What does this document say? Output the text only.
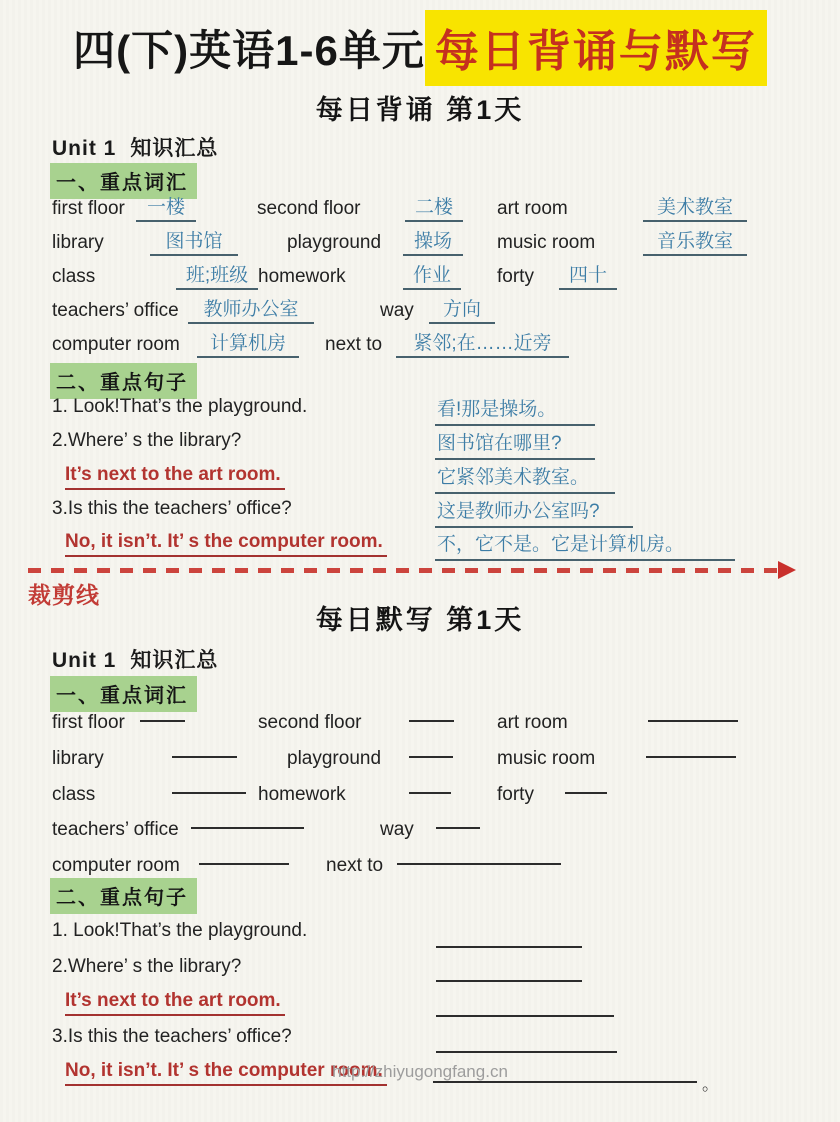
四(下)英语1-6单元 每日背诵与默写
每日背诵 第1天
Unit 1 知识汇总
一、重点词汇
first floor	一楼	second floor	二楼	art room	美术教室
library	图书馆	playground	操场	music room	音乐教室
class	班;班级 homework	作业	forty	四十
teachers’ office	教师办公室	way	方向
computer room	计算机房	next to	紧邻;在……近旁
二、重点句子
1. Look!That’s the playground.	看!那是操场。
2.Where’ s the library?	图书馆在哪里?
It’s next to the art room.	它紧邻美术教室。
3.Is this the teachers’ office?	这是教师办公室吗?
No, it isn’t. It’ s the computer room.	不，它不是。它是计算机房。
裁剪线
每日默写 第1天
Unit 1 知识汇总
一、重点词汇
first floor	second floor	art room
library	playground	music room
class	homework	forty
teachers’ office	way
computer room	next to
二、重点句子
1. Look!That’s the playground.
2.Where’ s the library?
It’s next to the art room.
3.Is this the teachers’ office?
No, it isn’t. It’ s the computer room.
。
http://zhiyugongfang.cn
